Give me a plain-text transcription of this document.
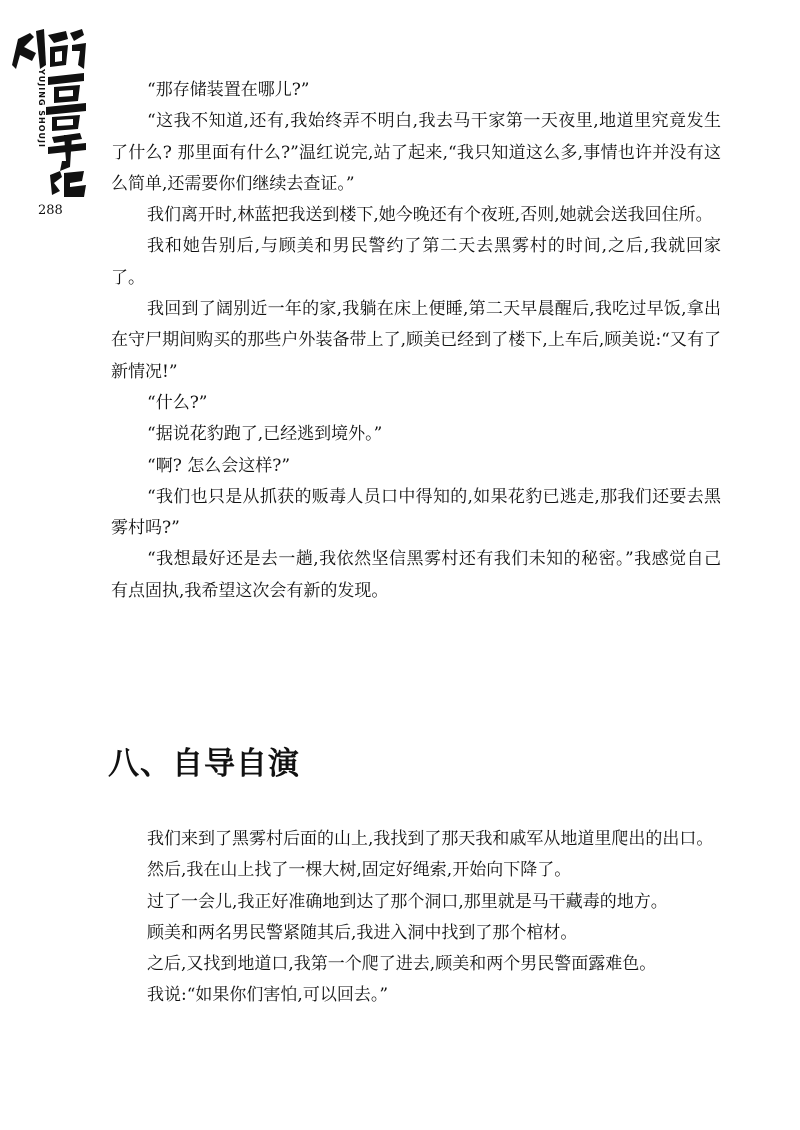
YUJING SHOUJI
288

“那存储装置在哪儿?”

“这我不知道,还有,我始终弄不明白,我去马干家第一天夜里,地道里究竟发生了什么? 那里面有什么?”温红说完,站了起来,“我只知道这么多,事情也许并没有这么简单,还需要你们继续去查证。”

我们离开时,林蓝把我送到楼下,她今晚还有个夜班,否则,她就会送我回住所。

我和她告别后,与顾美和男民警约了第二天去黑雾村的时间,之后,我就回家了。

我回到了阔别近一年的家,我躺在床上便睡,第二天早晨醒后,我吃过早饭,拿出在守尸期间购买的那些户外装备带上了,顾美已经到了楼下,上车后,顾美说:“又有了新情况!”

“什么?”

“据说花豹跑了,已经逃到境外。”

“啊? 怎么会这样?”

“我们也只是从抓获的贩毒人员口中得知的,如果花豹已逃走,那我们还要去黑雾村吗?”

“我想最好还是去一趟,我依然坚信黑雾村还有我们未知的秘密。”我感觉自己有点固执,我希望这次会有新的发现。

八、自导自演

我们来到了黑雾村后面的山上,我找到了那天我和戚军从地道里爬出的出口。

然后,我在山上找了一棵大树,固定好绳索,开始向下降了。

过了一会儿,我正好准确地到达了那个洞口,那里就是马干藏毒的地方。

顾美和两名男民警紧随其后,我进入洞中找到了那个棺材。

之后,又找到地道口,我第一个爬了进去,顾美和两个男民警面露难色。

我说:“如果你们害怕,可以回去。”
